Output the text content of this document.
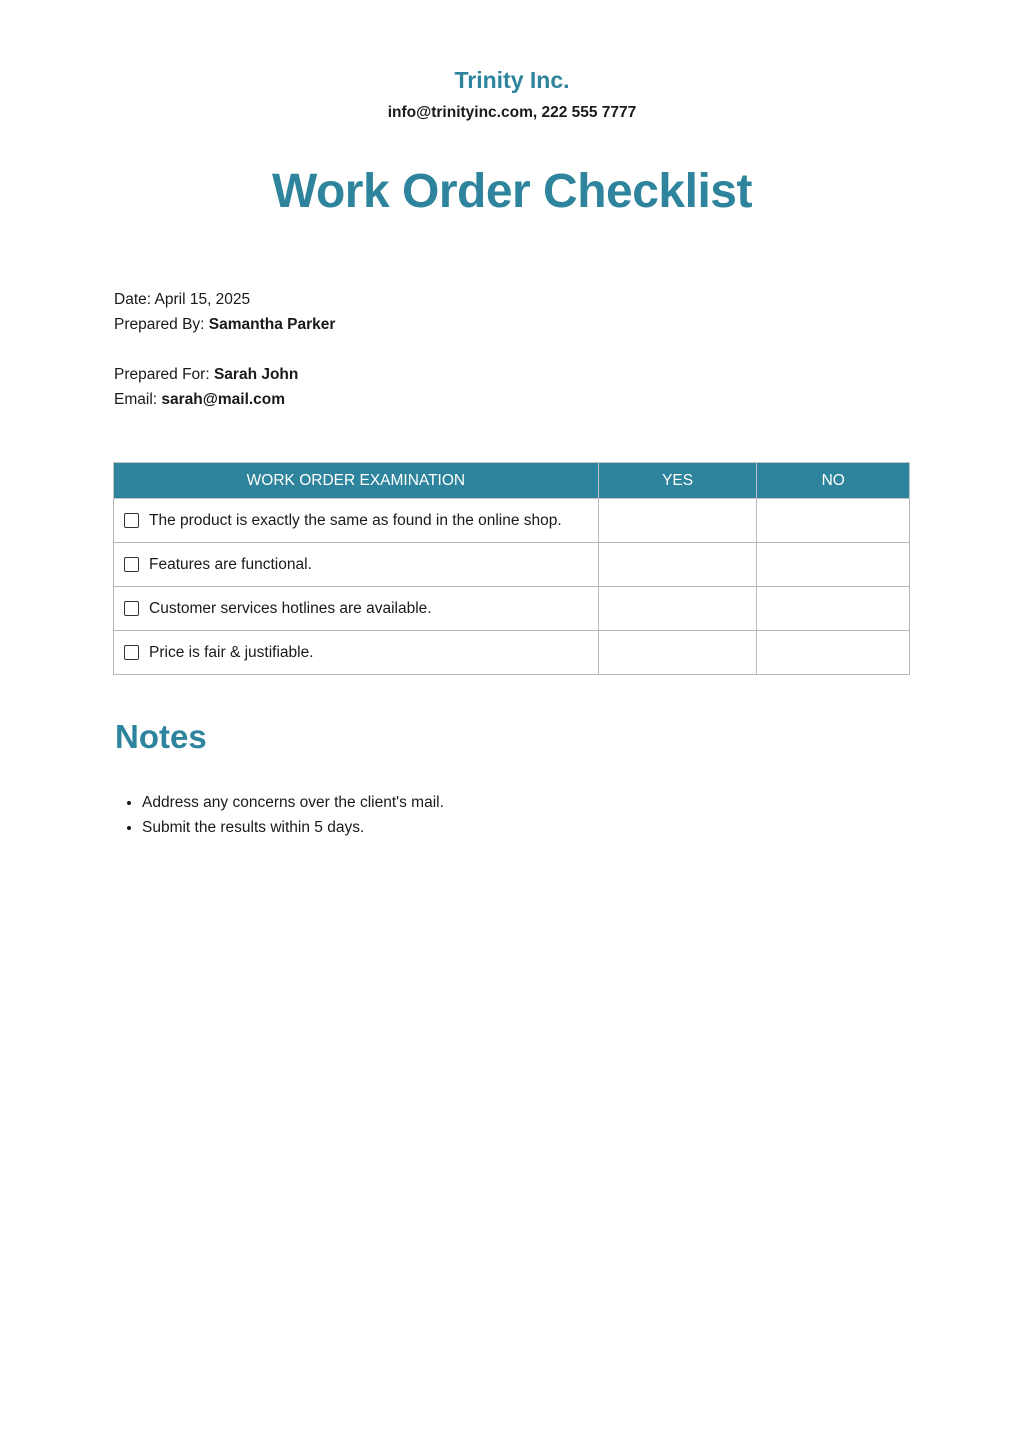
Trinity Inc.
info@trinityinc.com, 222 555 7777
Work Order Checklist
Date: April 15, 2025
Prepared By: Samantha Parker
Prepared For: Sarah John
Email: sarah@mail.com
WORK ORDER EXAMINATION	YES	NO

The product is exactly the same as found in the online shop.		

Features are functional.		

Customer services hotlines are available.		

Price is fair & justifiable.		

Notes
• Address any concerns over the client's mail.
• Submit the results within 5 days.
